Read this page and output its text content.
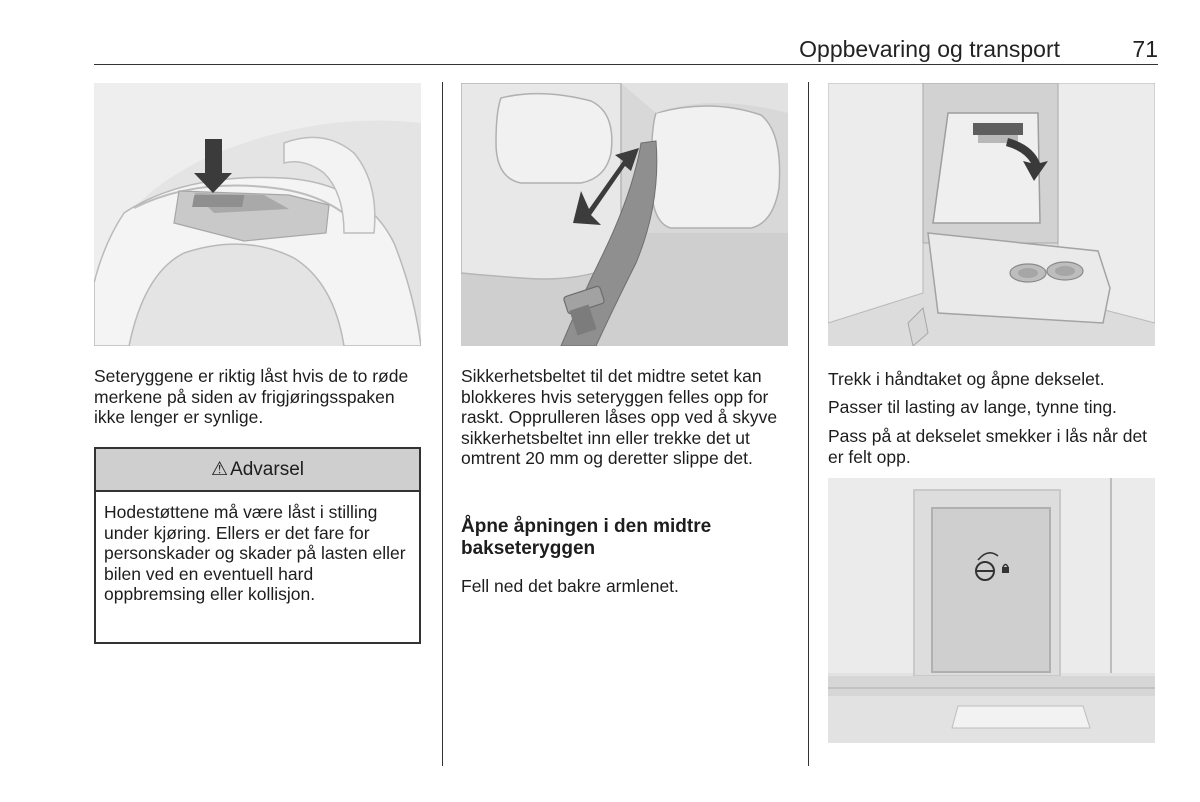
Oppbevaring og transport	71

Seteryggene er riktig låst hvis de to røde merkene på siden av frigjøringsspaken ikke lenger er synlige.

⚠ Advarsel

Hodestøttene må være låst i stilling under kjøring. Ellers er det fare for personskader og skader på lasten eller bilen ved en eventuell hard oppbremsing eller kollisjon.

Sikkerhetsbeltet til det midtre setet kan blokkeres hvis seteryggen felles opp for raskt. Opprulleren låses opp ved å skyve sikkerhetsbeltet inn eller trekke det ut omtrent 20 mm og deretter slippe det.

Åpne åpningen i den midtre bakseteryggen

Fell ned det bakre armlenet.

Trekk i håndtaket og åpne dekselet.

Passer til lasting av lange, tynne ting.

Pass på at dekselet smekker i lås når det er felt opp.
